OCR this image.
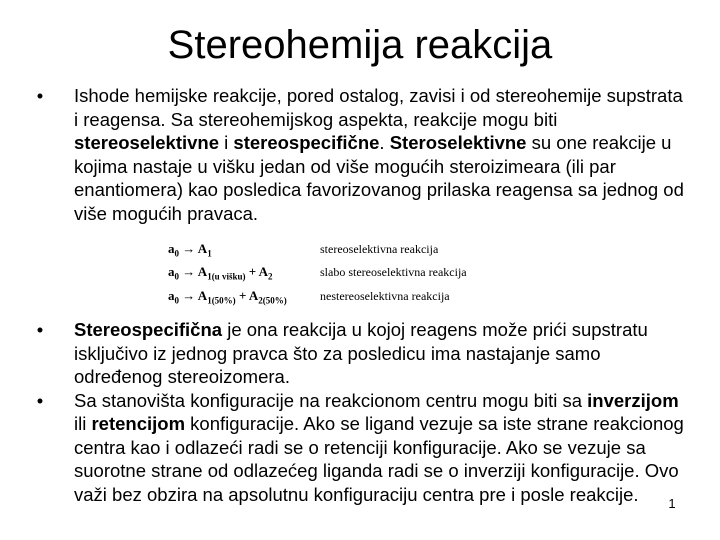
Stereohemija reakcija
•	Ishode hemijske reakcije, pored ostalog, zavisi i od stereohemije supstrata i reagensa. Sa stereohemijskog aspekta, reakcije mogu biti stereoselektivne i stereospecifične. Steroselektivne su one reakcije u kojima nastaje u višku jedan od više mogućih steroizimeara (ili par enantiomera) kao posledica favorizovanog prilaska reagensa sa jednog od više mogućih pravaca.
$a_0 \to A_1$	stereoselektivna reakcija
$a_0 \to A_{1(u višku)} + A_2$	slabo stereoselektivna reakcija
$a_0 \to A_{1(50\%)} + A_{2(50\%)}$	nestereoselektivna reakcija
•	Stereospecifična je ona reakcija u kojoj reagens može prići supstratu isključivo iz jednog pravca što za posledicu ima nastajanje samo određenog stereoizomera.
•	Sa stanovišta konfiguracije na reakcionom centru mogu biti sa inverzijom ili retencijom konfiguracije. Ako se ligand vezuje sa iste strane reakcionog centra kao i odlazeći radi se o retenciji konfiguracije. Ako se vezuje sa suorotne strane od odlazećeg liganda radi se o inverziji konfiguracije. Ovo važi bez obzira na apsolutnu konfiguraciju centra pre i posle reakcije.	1
